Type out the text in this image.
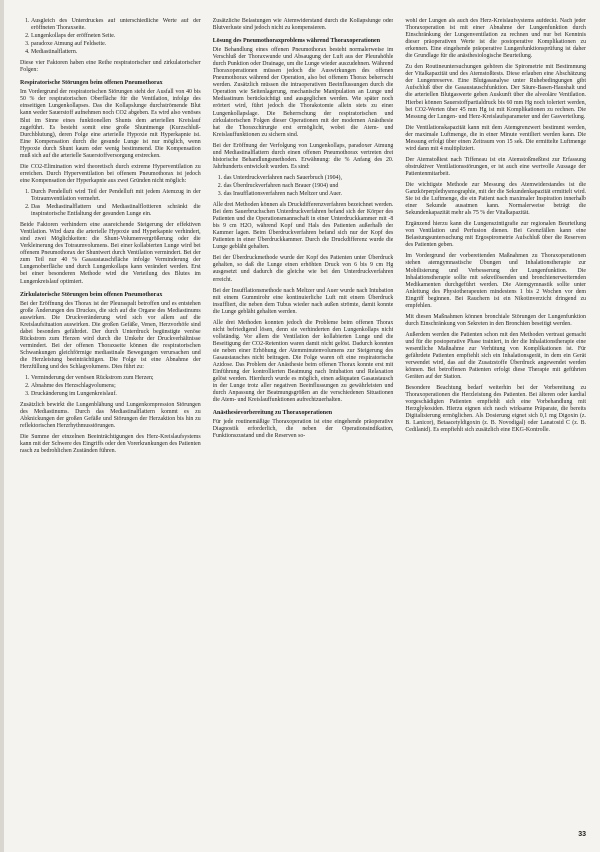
1. Ausgleich des Unterdruckes auf unterschiedliche Werte auf der eröffneten Thoraxseite.
2. Lungenkollaps der eröffneten Seite.
3. paradoxe Atmung auf Feldseite.
4. Mediastinalflattern.

Diese vier Faktoren haben eine Reihe respiratorischer und zirkulatorischer Folgen:

Respiratorische Störungen beim offenen Pneumothorax

Im Vordergrund der respiratorischen Störungen steht der Ausfall von 40 bis 50 % der respiratorischen Oberfläche für die Ventilation, infolge des einseitigen Lungenkollapses. Das die Kollapslunge durchströmende Blut kann weder Sauerstoff aufnehmen noch CO2 abgeben. Es wird also venöses Blut im Sinne eines funktionellen Shunts dem arteriellen Kreislauf zugeführt. Es besteht somit eine große Shuntmenge (Kurzschluß-Durchblutung), deren Folge eine arterielle Hypoxie mit Hyperkapnie ist. Eine Kompensation durch die gesunde Lunge ist nur möglich, wenn Hypoxie durch Shunt kaum oder wenig bestimmend. Die Kompensation muß sich auf die arterielle Sauerstoffversorgung erstrecken.

Die CO2-Elimination wird theoretisch durch extreme Hyperventilation zu erreichen. Durch Hyperventilation bei offenem Pneumothorax ist jedoch eine Kompensation der Hyperkapnie aus zwei Gründen nicht möglich:

1. Durch Pendelluft wird Teil der Pendelluft mit jedem Atemzug in der Totraumventilation vermehrt.
2. Das Mediastinalflattern und Mediastinalflottieren schränkt die inspiratorische Entfaltung der gesunden Lunge ein.

Beide Faktoren verhindern eine ausreichende Steigerung der effektiven Ventilation. Wird dazu die arterielle Hypoxie und Hyperkapnie verhindert, sind zwei Möglichkeiten: die Shunt-Volumenvergrößerung oder die Verkleinerung des Totraumvolumens. Bei einer kollabierten Lunge wird bei offenem Pneumothorax der Shuntwert durch Ventilation vermindert. Bei der zum Teil nur 40 % Gasaustauschfläche infolge Verminderung der Lungenoberfläche und durch Lungenkollaps kann verändert werden. Erst bei einer besonderen Methode wird die Verteilung des Blutes im Lungenkreislauf optimiert.

Zirkulatorische Störungen beim offenen Pneumothorax

Bei der Eröffnung des Thorax ist der Pleuraspalt betroffen und es entstehen große Änderungen des Druckes, die sich auf die Organe des Mediastinums auswirken. Die Druckveränderung wird sich vor allem auf die Kreislaufsituation auswirken. Die großen Gefäße, Venen, Herzvorhöfe sind dabei besonders gefährdet. Der durch Unterdruck begünstigte venöse Rückstrom zum Herzen wird durch die Umkehr der Druckverhältnisse vermindert. Bei der offenen Thoraxseite können die respiratorischen Schwankungen gleichförmige mediastinale Bewegungen verursachen und die Herzleistung beeinträchtigen. Die Folge ist eine Abnahme der Herzfüllung und des Schlagvolumens. Dies führt zu:

1. Verminderung der venösen Rückstrom zum Herzen;
2. Abnahme des Herzschlagvolumens;
3. Druckänderung im Lungenkreislauf.

Zusätzlich bewirkt die Lungenblähung und Lungenkompression Störungen des Mediastinums. Durch das Mediastinalflattern kommt es zu Abknickungen der großen Gefäße und Störungen der Herzaktion bis hin zu reflektorischen Herzrhythmusstörungen.

Die Summe der einzelnen Beeinträchtigungen des Herz-Kreislaufsystems kann mit der Schwere des Eingriffs oder den Vorerkrankungen des Patienten rasch zu bedrohlichen Zuständen führen.

Zusätzliche Belastungen wie Atemwiderstand durch die Kollapslunge oder Blutverluste sind jedoch nicht zu kompensieren.

Lösung des Pneumothoraxproblems während Thoraxoperationen

Die Behandlung eines offenen Pneumothorax besteht normalerweise im Verschluß der Thoraxwunde und Absaugung der Luft aus der Pleurahöhle durch Punktion oder Drainage, um die Lunge wieder auszudehnen. Während Thoraxoperationen müssen jedoch die Auswirkungen des offenen Pneumothorax während der Operation, also bei offenem Thorax beherrscht werden. Zusätzlich müssen die intraoperativen Beeinflussungen durch die Operation wie Seitenlagerung, mechanische Manipulation an Lunge und Mediastinum berücksichtigt und ausgeglichen werden. Wie später noch erörtert wird, führt jedoch die Thorakotomie allein stets zu einer Lungenkollapslage. Die Beherrschung der respiratorischen und zirkulatorischen Folgen dieser Operationen mit der modernen Anästhesie hat die Thoraxchirurgie erst ermöglicht, wobei die Atem- und Kreislauffunktionen zu sichern sind.

Bei der Eröffnung der Verfolgung von Lungenkollaps, paradoxer Atmung und Mediastinalflattern durch einen offenen Pneumothorax vertreten drei historische Behandlungsmethoden. Erwähnung: die % Anfang des 20. Jahrhunderts entwickelt wurden. Es sind:

1. das Unterdruckverfahren nach Sauerbruch (1904),
2. das Überdruckverfahren nach Brauer (1904) und
3. das Insufflationsverfahren nach Meltzer und Auer.

Alle drei Methoden können als Druckdifferenzverfahren bezeichnet werden. Bei dem Sauerbruchschen Unterdruckverfahren befand sich der Körper des Patienten und die Operationsmannschaft in einer Unterdruckkammer mit -8 bis 9 cm H2O, während Kopf und Hals des Patienten außerhalb der Kammer lagen. Beim Überdruckverfahren befand sich nur der Kopf des Patienten in einer Überdruckkammer. Durch die Druckdifferenz wurde die Lunge gebläht gehalten.

Bei der Überdruckmethode wurde der Kopf des Patienten unter Überdruck gehalten, so daß die Lunge einen erhöhten Druck von 6 bis 9 cm Hg ausgesetzt und dadurch die gleiche wie bei den Unterdruckverfahren erreicht.

Bei der Insufflationsmethode nach Meltzer und Auer wurde nach Intubation mit einem Gummirohr eine kontinuierliche Luft mit einem Überdruck insuffliert, die neben dem Tubus wieder nach außen strömte, damit konnte die Lunge gebläht gehalten werden.

Alle drei Methoden konnten jedoch die Probleme beim offenen Thorax nicht befriedigend lösen, denn sie verhinderten den Lungenkollaps nicht vollständig. Vor allem die Ventilation der kollabierten Lunge und die Beseitigung der CO2-Retention waren damit nicht gelöst. Dadurch konnten sie neben einer Erhöhung der Atemminutenvolumens zur Steigerung des Gasaustausches nicht beitragen. Die Folge waren oft eine respiratorische Azidose. Das Problem der Anästhesie beim offenen Thorax konnte erst mit Einführung der kontrollierten Beatmung nach Intubation und Relaxation gelöst werden. Hierdurch wurde es möglich, einen adäquaten Gasaustausch in der Lunge trotz aller negativen Beeinflussungen zu gewährleisten und durch Anpassung der Beatmungsgrößen an die verschiedenen Situationen die Atem- und Kreislauffunktionen aufrechtzuerhalten.

Anästhesievorbereitung zu Thoraxoperationen

Für jede routinemäßige Thoraxoperation ist eine eingehende präoperative Diagnostik erforderlich, die neben der Operationsindikation, Funktionszustand und die Reserven so-

wohl der Lungen als auch des Herz-Kreislaufsystems aufdeckt. Nach jeder Thoraxoperation ist mit einer Abnahme der Lungenfunktion durch Einschränkung der Lungenventilation zu rechnen und nur bei Kenntnis dieser präoperativen Werte ist die postoperative Komplikationen zu erkennen. Eine eingehende präoperative Lungenfunktionsprüfung ist daher die Grundlage für die anästhesiologische Beurteilung.

Zu den Routineuntersuchungen gehören die Spirometrie mit Bestimmung der Vitalkapazität und des Atemstoßtests. Diese erlauben eine Abschätzung der Lungenreserve. Eine Blutgasanalyse unter Ruhebedingungen gibt Aufschluß über die Gasaustauschfunktion. Der Säure-Basen-Haushalt und die arteriellen Blutgaswerte geben Auskunft über die alveoläre Ventilation. Hierbei können Sauerstoffpartialdruck bis 60 mm Hg noch toleriert werden, bei CO2-Werten über 45 mm Hg ist mit Komplikationen zu rechnen. Die Messung der Lungen- und Herz-Kreislaufsparameter und der Gasverteilung.

Die Ventilationskapazität kann mit dem Atemgrenzwert bestimmt werden, der maximale Luftmenge, die in einer Minute ventiliert werden kann. Die Messung erfolgt über einen Zeitraum von 15 sek. Die ermittelte Luftmenge wird dann mit 4 multipliziert.

Der Atemstoßtest nach Tiffeneau ist ein Atemstoßmeßtest zur Erfassung obstruktiver Ventilationsstörungen, er ist auch eine wertvolle Aussage der Patientenmitarbeit.

Die wichtigste Methode zur Messung des Atemwiderstandes ist die Ganzkörperplethysmographie, mit der die Sekundenkapazität ermittelt wird. Sie ist die Luftmenge, die ein Patient nach maximaler Inspiration innerhalb einer Sekunde ausatmen kann. Normalerweise beträgt die Sekundenkapazität mehr als 75 % der Vitalkapazität.

Ergänzend hierzu kann die Lungenszintigrafie zur regionalen Beurteilung von Ventilation und Perfusion dienen. Bei Grenzfällen kann eine Belastungsuntersuchung mit Ergospirometrie Aufschluß über die Reserven des Patienten geben.

Im Vordergrund der vorbereitenden Maßnahmen zu Thoraxoperationen stehen atemgymnastische Übungen und Inhalationstherapie zur Mobilisierung und Verbesserung der Lungenfunktion. Die Inhalationstherapie sollte mit sekretlösenden und bronchienerweiternden Medikamenten durchgeführt werden. Die Atemgymnastik sollte unter Anleitung des Physiotherapeuten mindestens 1 bis 2 Wochen vor dem Eingriff beginnen. Bei Rauchern ist ein Nikotinverzicht dringend zu empfehlen.

Mit diesen Maßnahmen können bronchiale Störungen der Lungenfunktion durch Einschränkung von Sekreten in den Bronchien beseitigt werden.

Außerdem werden die Patienten schon mit den Methoden vertraut gemacht und für die postoperative Phase trainiert, in der die Inhalationstherapie eine wesentliche Maßnahme zur Verhütung von Komplikationen ist. Für gefährdete Patienten empfiehlt sich ein Inhalationsgerät, in dem ein Gerät verwendet wird, das auf die Zusatzstoffe Überdruck angewendet werden können. Bei betroffenen Patienten erfolgt diese Therapie mit geführten Geräten auf der Station.

Besondere Beachtung bedarf weiterhin bei der Vorbereitung zu Thoraxoperationen die Herzleistung des Patienten. Bei älteren oder kardial vorgeschädigten Patienten empfiehlt sich eine Vorbehandlung mit Herzglykosiden. Hierzu eignen sich rasch wirksame Präparate, die bereits Digitalisierung ermöglichen. Als Dosierung eignet sich 0,1 mg Digoxin (z. B. Lanicor), Betaacetyldigoxin (z. B. Novodigal) oder Lanatosid C (z. B. Cedilanid). Es empfiehlt sich zusätzlich eine EKG-Kontrolle.

33
